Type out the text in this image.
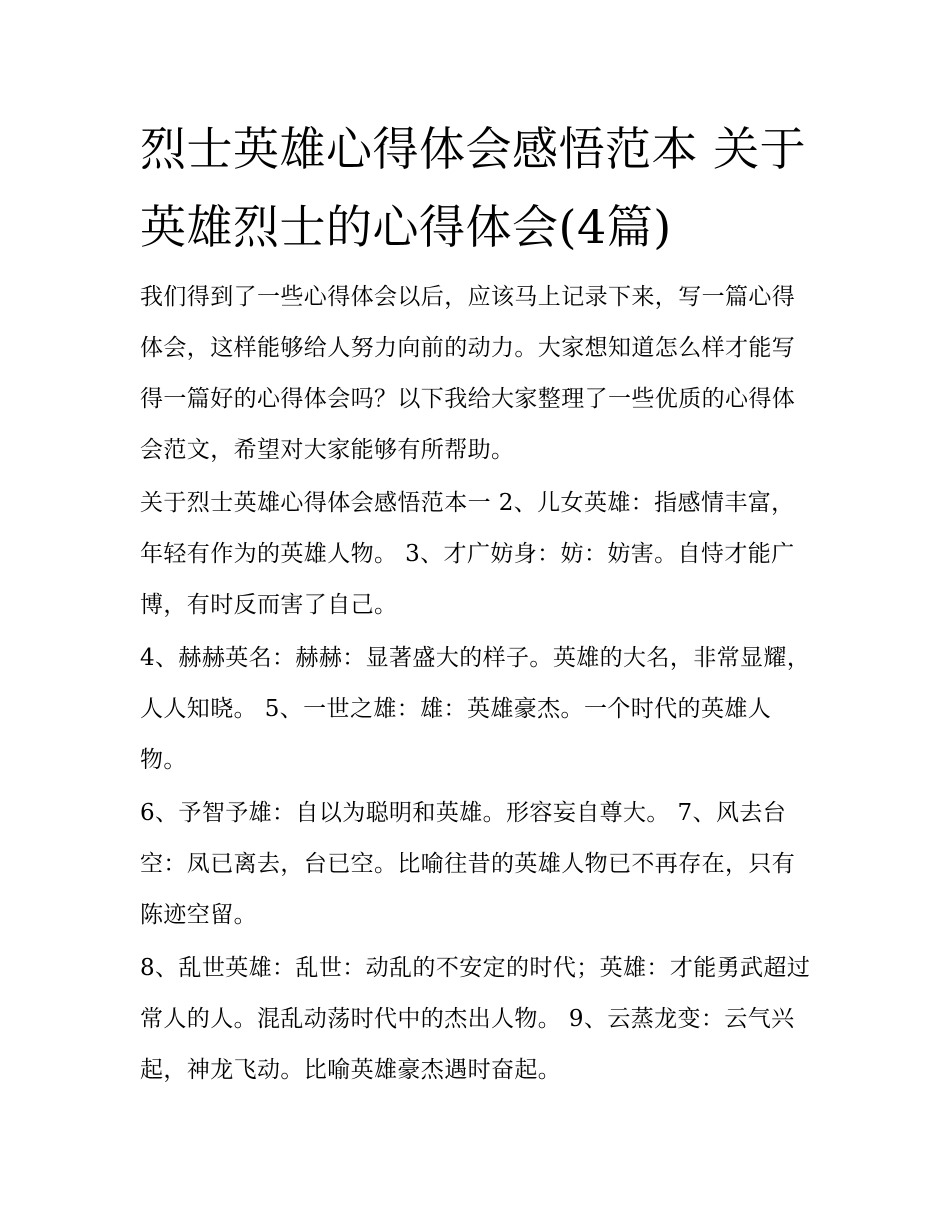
烈士英雄心得体会感悟范本 关于英雄烈士的心得体会(4篇)

我们得到了一些心得体会以后，应该马上记录下来，写一篇心得体会，这样能够给人努力向前的动力。大家想知道怎么样才能写得一篇好的心得体会吗？以下我给大家整理了一些优质的心得体会范文，希望对大家能够有所帮助。

关于烈士英雄心得体会感悟范本一 2、儿女英雄：指感情丰富，年轻有作为的英雄人物。 3、才广妨身：妨：妨害。自恃才能广博，有时反而害了自己。

4、赫赫英名：赫赫：显著盛大的样子。英雄的大名，非常显耀，人人知晓。 5、一世之雄：雄：英雄豪杰。一个时代的英雄人物。

6、予智予雄：自以为聪明和英雄。形容妄自尊大。 7、风去台空：凤已离去，台已空。比喻往昔的英雄人物已不再存在，只有陈迹空留。

8、乱世英雄：乱世：动乱的不安定的时代；英雄：才能勇武超过常人的人。混乱动荡时代中的杰出人物。 9、云蒸龙变：云气兴起，神龙飞动。比喻英雄豪杰遇时奋起。
